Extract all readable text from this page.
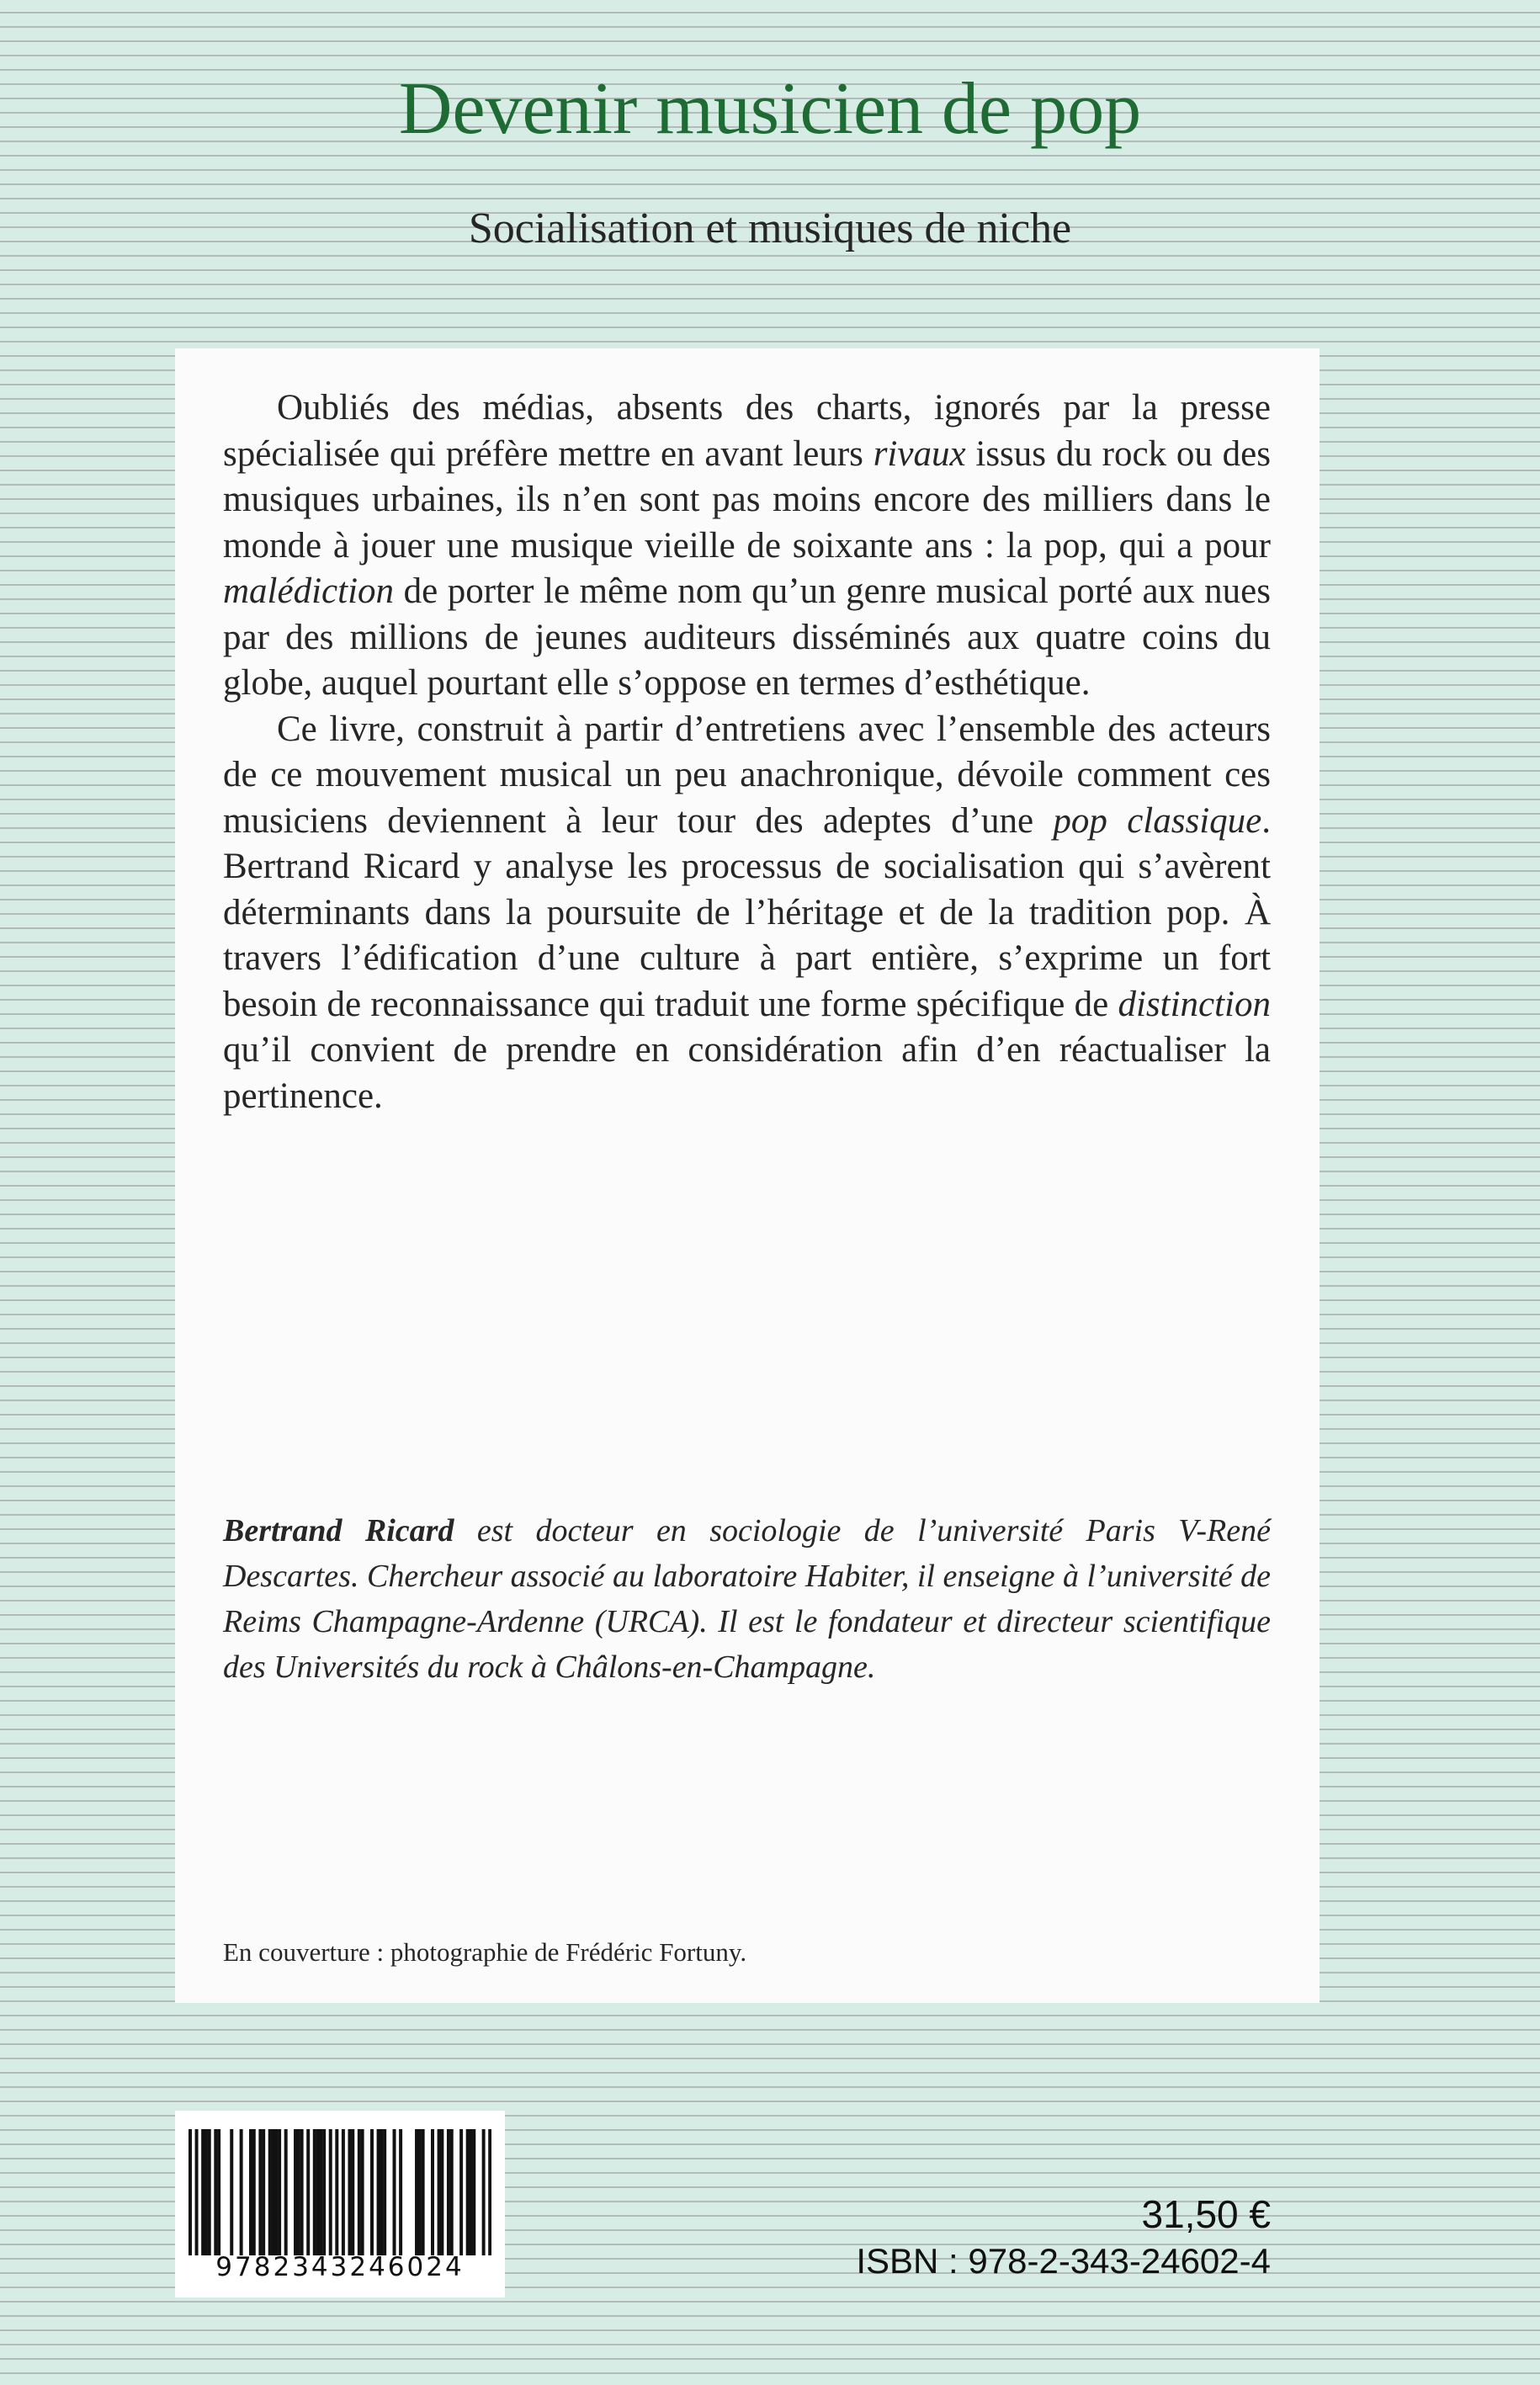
Devenir musicien de pop
Socialisation et musiques de niche

Oubliés des médias, absents des charts, ignorés par la presse spécialisée qui préfère mettre en avant leurs rivaux issus du rock ou des musiques urbaines, ils n’en sont pas moins encore des milliers dans le monde à jouer une musique vieille de soixante ans : la pop, qui a pour malédiction de porter le même nom qu’un genre musical porté aux nues par des millions de jeunes auditeurs disséminés aux quatre coins du globe, auquel pourtant elle s’oppose en termes d’esthétique.

Ce livre, construit à partir d’entretiens avec l’ensemble des acteurs de ce mouvement musical un peu anachronique, dévoile comment ces musiciens deviennent à leur tour des adeptes d’une pop classique. Bertrand Ricard y analyse les processus de socialisation qui s’avèrent déterminants dans la poursuite de l’héritage et de la tradition pop. À travers l’édification d’une culture à part entière, s’exprime un fort besoin de reconnaissance qui traduit une forme spécifique de distinction qu’il convient de prendre en considération afin d’en réactualiser la pertinence.

Bertrand Ricard est docteur en sociologie de l’université Paris V-René Descartes. Chercheur associé au laboratoire Habiter, il enseigne à l’université de Reims Champagne-Ardenne (URCA). Il est le fondateur et directeur scientifique des Universités du rock à Châlons-en-Champagne.
En couverture : photographie de Frédéric Fortuny.
9782343246024
31,50 €
ISBN : 978-2-343-24602-4
